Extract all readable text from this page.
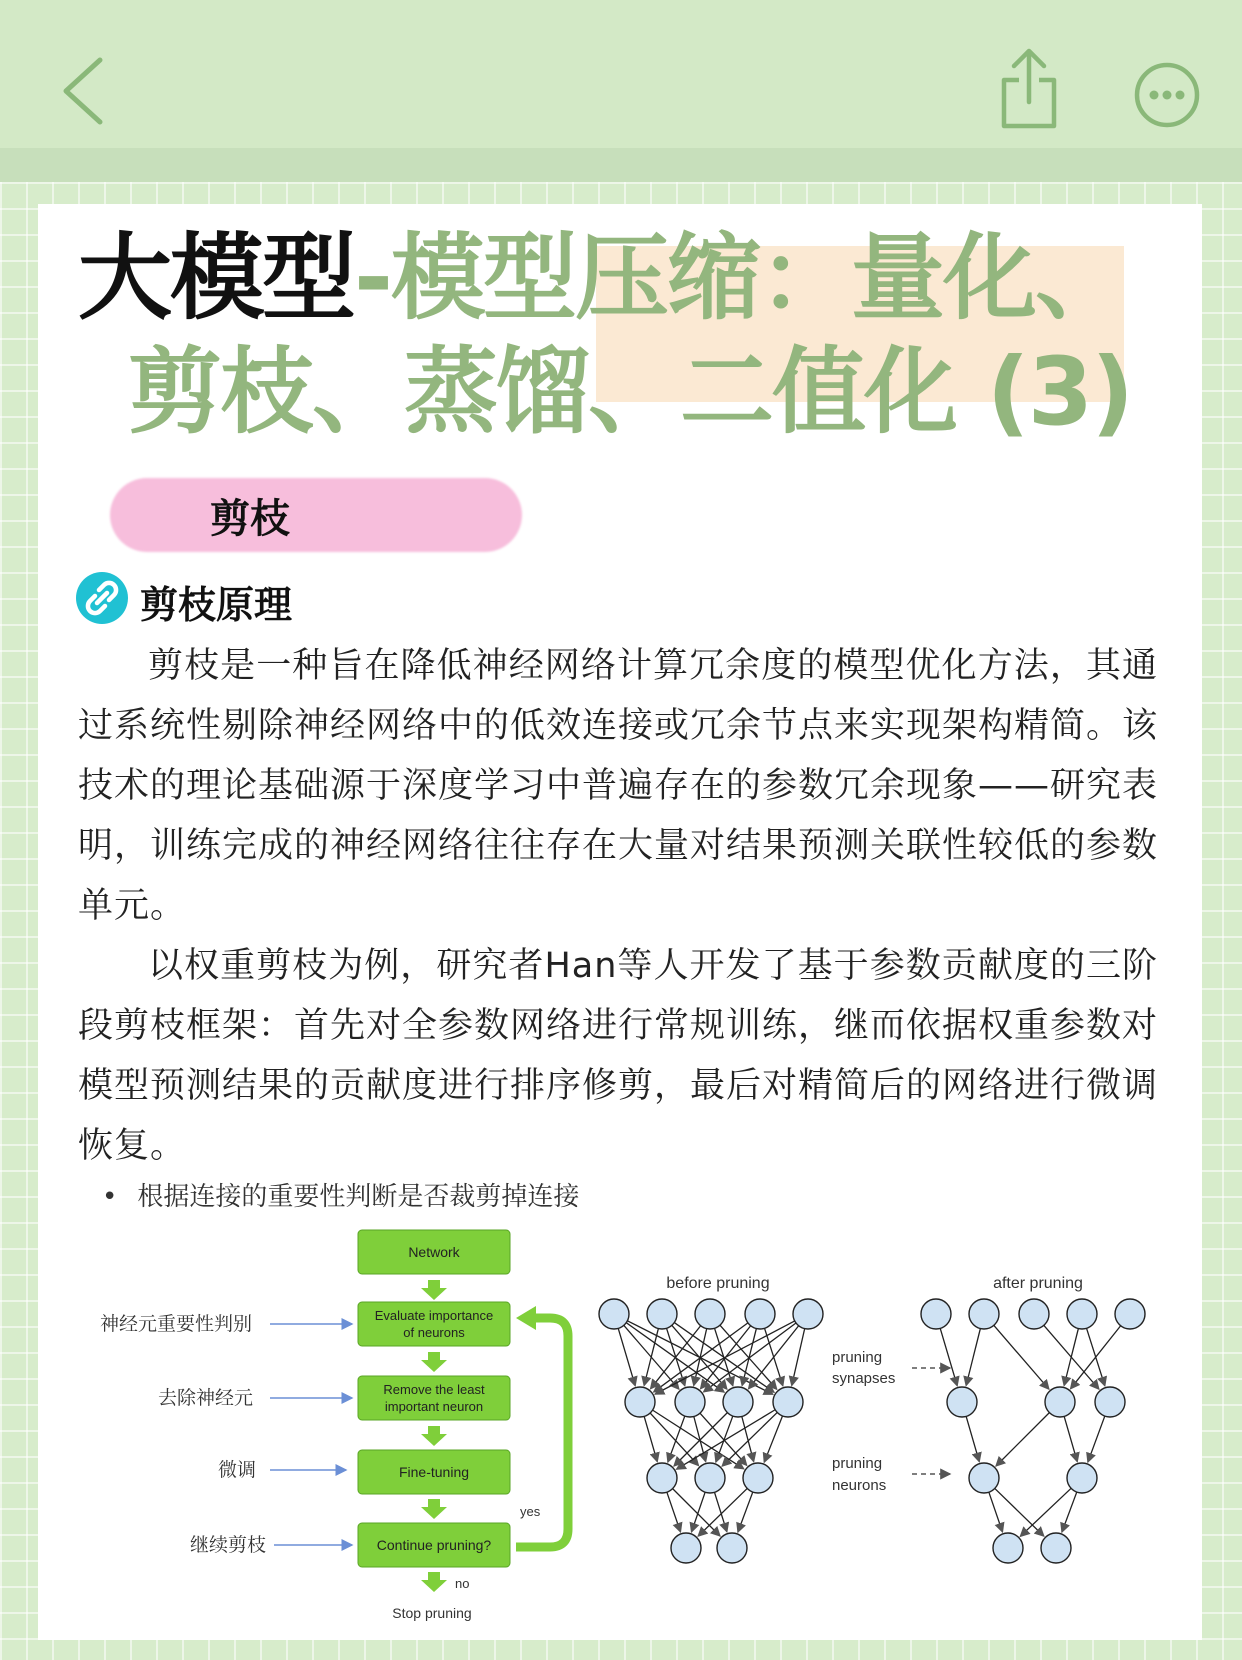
大模型-模型压缩：量化、
剪枝、蒸馏、二值化 (3)
剪枝
剪枝原理

剪枝是一种旨在降低神经网络计算冗余度的模型优化方法，其通过系统性剔除神经网络中的低效连接或冗余节点来实现架构精简。该技术的理论基础源于深度学习中普遍存在的参数冗余现象——研究表明，训练完成的神经网络往往存在大量对结果预测关联性较低的参数单元。

以权重剪枝为例，研究者Han等人开发了基于参数贡献度的三阶段剪枝框架：首先对全参数网络进行常规训练，继而依据权重参数对模型预测结果的贡献度进行排序修剪，最后对精简后的网络进行微调恢复。

• 根据连接的重要性判断是否裁剪掉连接
Network
Evaluate importance
of neurons
Remove the least
important neuron
Fine-tuning
Continue pruning?
yes
no
Stop pruning
神经元重要性判别
去除神经元
微调
继续剪枝
before pruning	after pruning
pruning
synapses
pruning
neurons
